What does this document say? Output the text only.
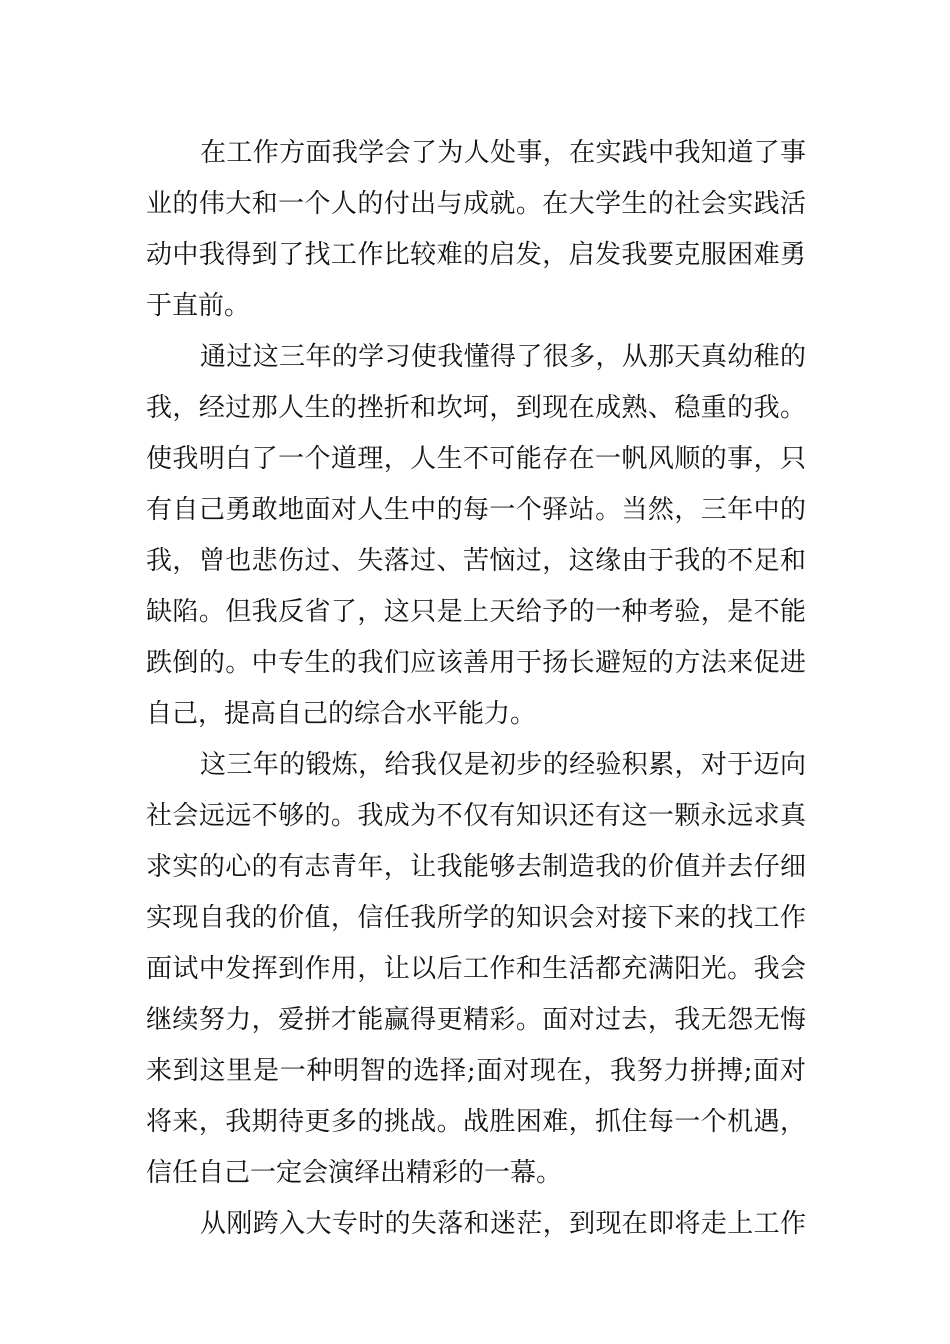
在工作方面我学会了为人处事，在实践中我知道了事
业的伟大和一个人的付出与成就。在大学生的社会实践活
动中我得到了找工作比较难的启发，启发我要克服困难勇
于直前。
通过这三年的学习使我懂得了很多，从那天真幼稚的
我，经过那人生的挫折和坎坷，到现在成熟、稳重的我。
使我明白了一个道理，人生不可能存在一帆风顺的事，只
有自己勇敢地面对人生中的每一个驿站。当然，三年中的
我，曾也悲伤过、失落过、苦恼过，这缘由于我的不足和
缺陷。但我反省了，这只是上天给予的一种考验，是不能
跌倒的。中专生的我们应该善用于扬长避短的方法来促进
自己，提高自己的综合水平能力。
这三年的锻炼，给我仅是初步的经验积累，对于迈向
社会远远不够的。我成为不仅有知识还有这一颗永远求真
求实的心的有志青年，让我能够去制造我的价值并去仔细
实现自我的价值，信任我所学的知识会对接下来的找工作
面试中发挥到作用，让以后工作和生活都充满阳光。我会
继续努力，爱拼才能赢得更精彩。面对过去，我无怨无悔
来到这里是一种明智的选择;面对现在，我努力拼搏;面对
将来，我期待更多的挑战。战胜困难，抓住每一个机遇，
信任自己一定会演绎出精彩的一幕。
从刚跨入大专时的失落和迷茫，到现在即将走上工作
